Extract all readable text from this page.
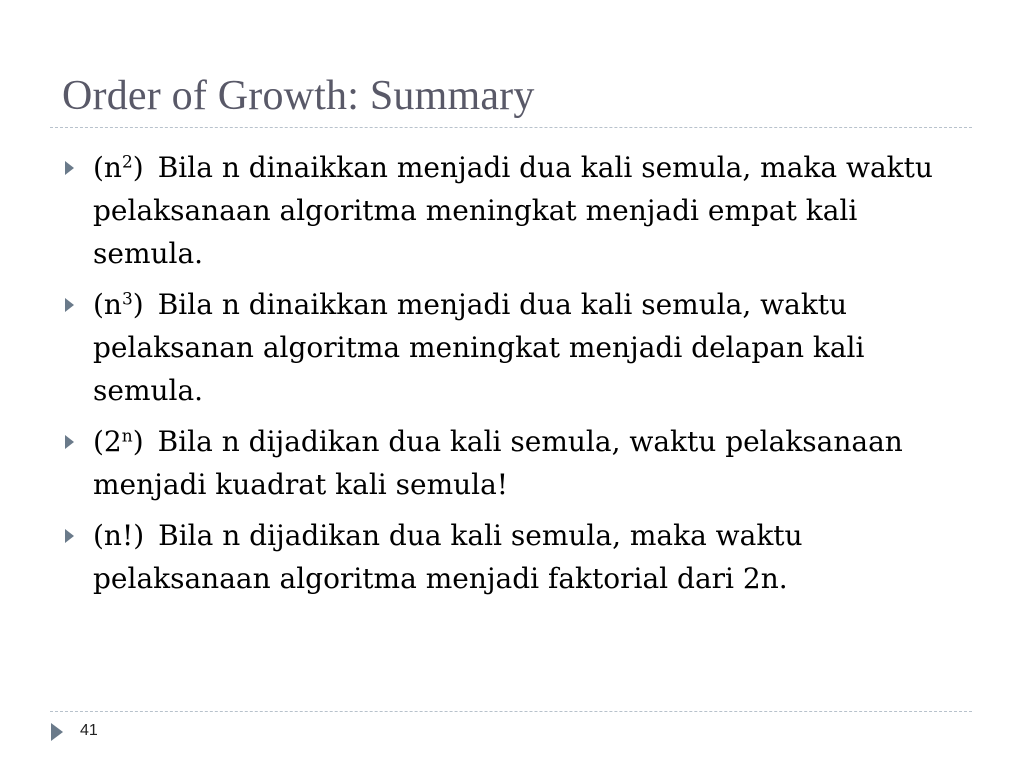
Order of Growth: Summary
$(n^2)$ Bila n dinaikkan menjadi dua kali semula, maka waktu pelaksanaan algoritma meningkat menjadi empat kali semula.
$(n^3)$ Bila n dinaikkan menjadi dua kali semula, waktu pelaksanan algoritma meningkat menjadi delapan kali semula.
(2$^n$) Bila n dijadikan dua kali semula, waktu pelaksanaan menjadi kuadrat kali semula!
(n!) Bila n dijadikan dua kali semula, maka waktu pelaksanaan algoritma menjadi faktorial dari 2n.
41
